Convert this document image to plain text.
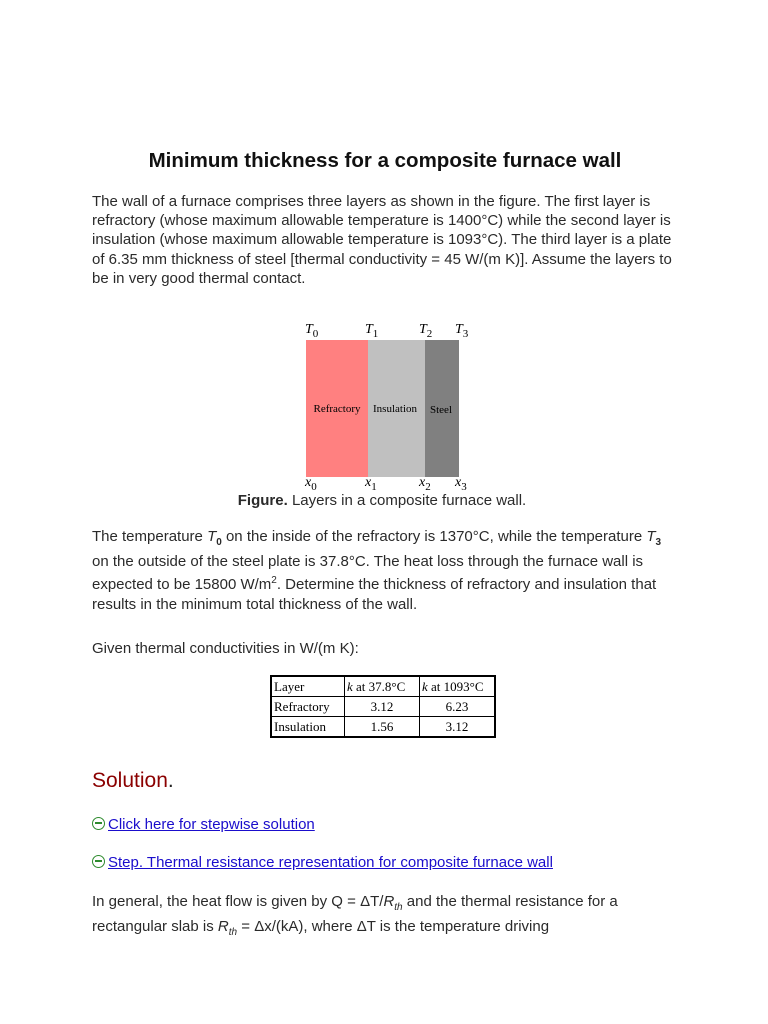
Minimum thickness for a composite furnace wall

The wall of a furnace comprises three layers as shown in the figure. The first layer is refractory (whose maximum allowable temperature is 1400°C) while the second layer is insulation (whose maximum allowable temperature is 1093°C). The third layer is a plate of 6.35 mm thickness of steel [thermal conductivity = 45 W/(m K)]. Assume the layers to be in very good thermal contact.

Refractory Insulation Steel
$T_0$	$T_1$	$T_2$ $T_3$
$x_0$	$x_1$	$x_2$ $x_3$
Figure. Layers in a composite furnace wall.

The temperature $T_0$ on the inside of the refractory is 1370°C, while the temperature $T_3$ on the outside of the steel plate is 37.8°C. The heat loss through the furnace wall is expected to be 15800 $W/m^2$. Determine the thickness of refractory and insulation that results in the minimum total thickness of the wall.

Given thermal conductivities in W/(m K):

Layer	k at 37.8°C	k at 1093°C
Refractory	3.12	6.23
Insulation	1.56	3.12
Solution.
Click here for stepwise solution
Step. Thermal resistance representation for composite furnace wall

In general, the heat flow is given by $Q = \Delta T/R_{th}$ and the thermal resistance for a rectangular slab is $R_{th} = \Delta x/(kA)$, where ΔT is the temperature driving
